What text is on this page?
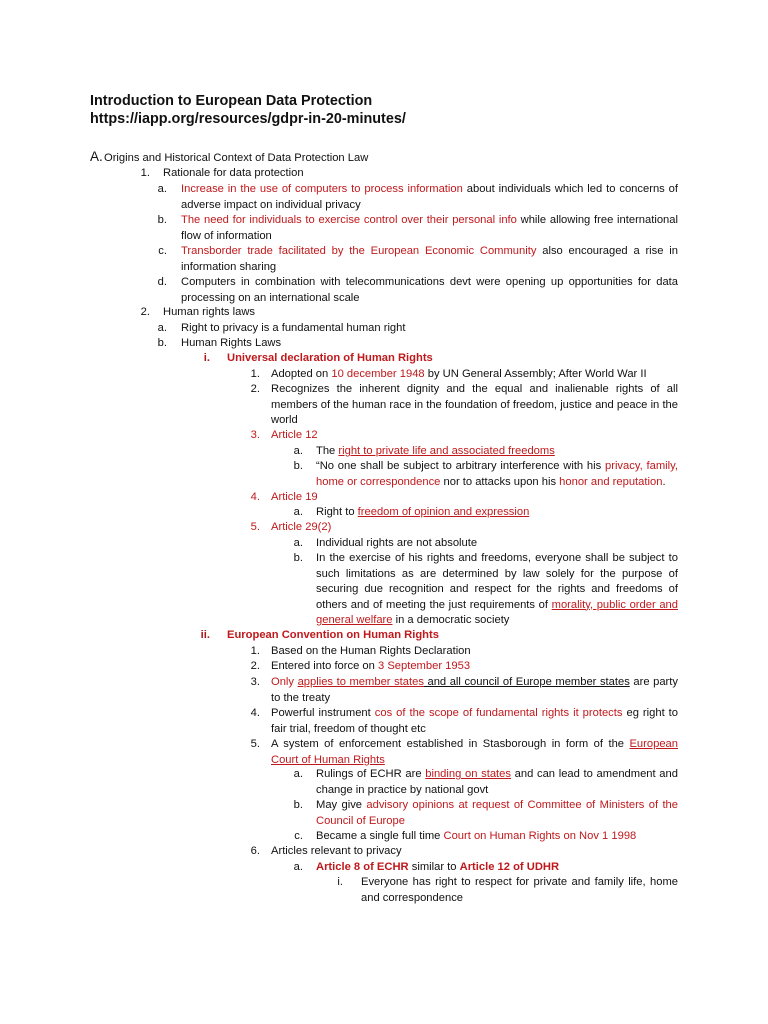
Introduction to European Data Protection
https://iapp.org/resources/gdpr-in-20-minutes/
A. Origins and Historical Context of Data Protection Law
1. Rationale for data protection
a. Increase in the use of computers to process information about individuals which led to concerns of adverse impact on individual privacy
b. The need for individuals to exercise control over their personal info while allowing free international flow of information
c. Transborder trade facilitated by the European Economic Community also encouraged a rise in information sharing
d. Computers in combination with telecommunications devt were opening up opportunities for data processing on an international scale
2. Human rights laws
a. Right to privacy is a fundamental human right
b. Human Rights Laws
i. Universal declaration of Human Rights
1. Adopted on 10 december 1948 by UN General Assembly; After World War II
2. Recognizes the inherent dignity and the equal and inalienable rights of all members of the human race in the foundation of freedom, justice and peace in the world
3. Article 12
a. The right to private life and associated freedoms
b. “No one shall be subject to arbitrary interference with his privacy, family, home or correspondence nor to attacks upon his honor and reputation.
4. Article 19
a. Right to freedom of opinion and expression
5. Article 29(2)
a. Individual rights are not absolute
b. In the exercise of his rights and freedoms, everyone shall be subject to such limitations as are determined by law solely for the purpose of securing due recognition and respect for the rights and freedoms of others and of meeting the just requirements of morality, public order and general welfare in a democratic society
ii. European Convention on Human Rights
1. Based on the Human Rights Declaration
2. Entered into force on 3 September 1953
3. Only applies to member states and all council of Europe member states are party to the treaty
4. Powerful instrument cos of the scope of fundamental rights it protects eg right to fair trial, freedom of thought etc
5. A system of enforcement established in Stasborough in form of the European Court of Human Rights
a. Rulings of ECHR are binding on states and can lead to amendment and change in practice by national govt
b. May give advisory opinions at request of Committee of Ministers of the Council of Europe
c. Became a single full time Court on Human Rights on Nov 1 1998
6. Articles relevant to privacy
a. Article 8 of ECHR similar to Article 12 of UDHR
i. Everyone has right to respect for private and family life, home and correspondence
